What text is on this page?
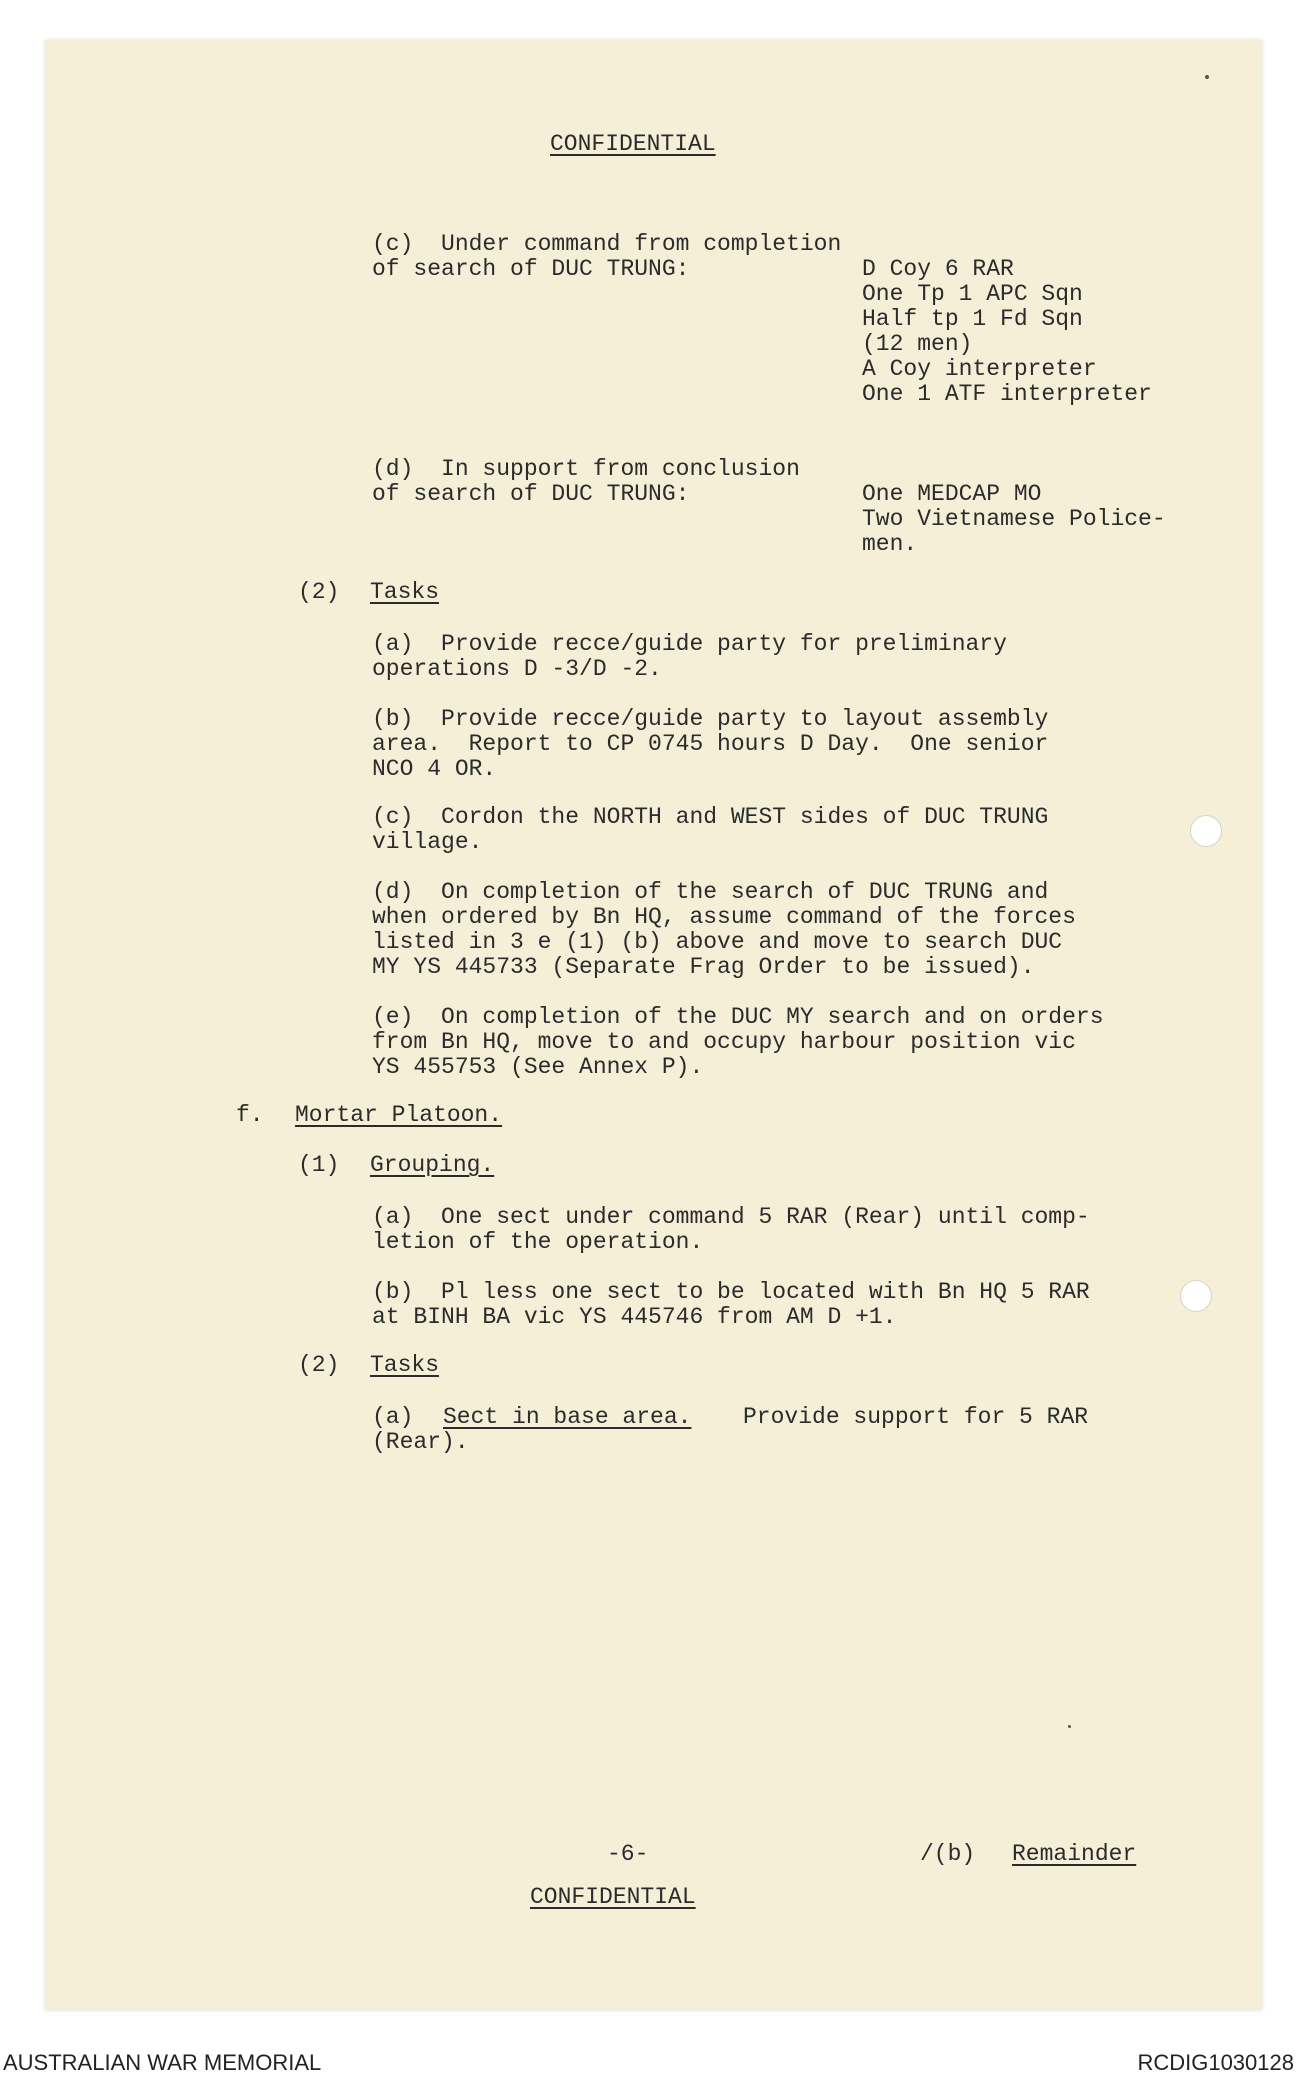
CONFIDENTIAL
(c)  Under command from completion
of search of DUC TRUNG:	D Coy 6 RAR
One Tp 1 APC Sqn
Half tp 1 Fd Sqn
(12 men)
A Coy interpreter
One 1 ATF interpreter
(d)  In support from conclusion
of search of DUC TRUNG:	One MEDCAP MO
Two Vietnamese Police-
men.
(2) Tasks
(a)  Provide recce/guide party for preliminary
operations D -3/D -2.
(b)  Provide recce/guide party to layout assembly
area.  Report to CP 0745 hours D Day.  One senior
NCO 4 OR.
(c)  Cordon the NORTH and WEST sides of DUC TRUNG
village.
(d)  On completion of the search of DUC TRUNG and
when ordered by Bn HQ, assume command of the forces
listed in 3 e (1) (b) above and move to search DUC
MY YS 445733 (Separate Frag Order to be issued).
(e)  On completion of the DUC MY search and on orders
from Bn HQ, move to and occupy harbour position vic
YS 455753 (See Annex P).
f. Mortar Platoon.
(1) Grouping.
(a)  One sect under command 5 RAR (Rear) until comp-
letion of the operation.
(b)  Pl less one sect to be located with Bn HQ 5 RAR
at BINH BA vic YS 445746 from AM D +1.
(2) Tasks
(a) Sect in base area. Provide support for 5 RAR
(Rear).
-6-	/(b) Remainder
CONFIDENTIAL
AUSTRALIAN WAR MEMORIAL	RCDIG1030128
